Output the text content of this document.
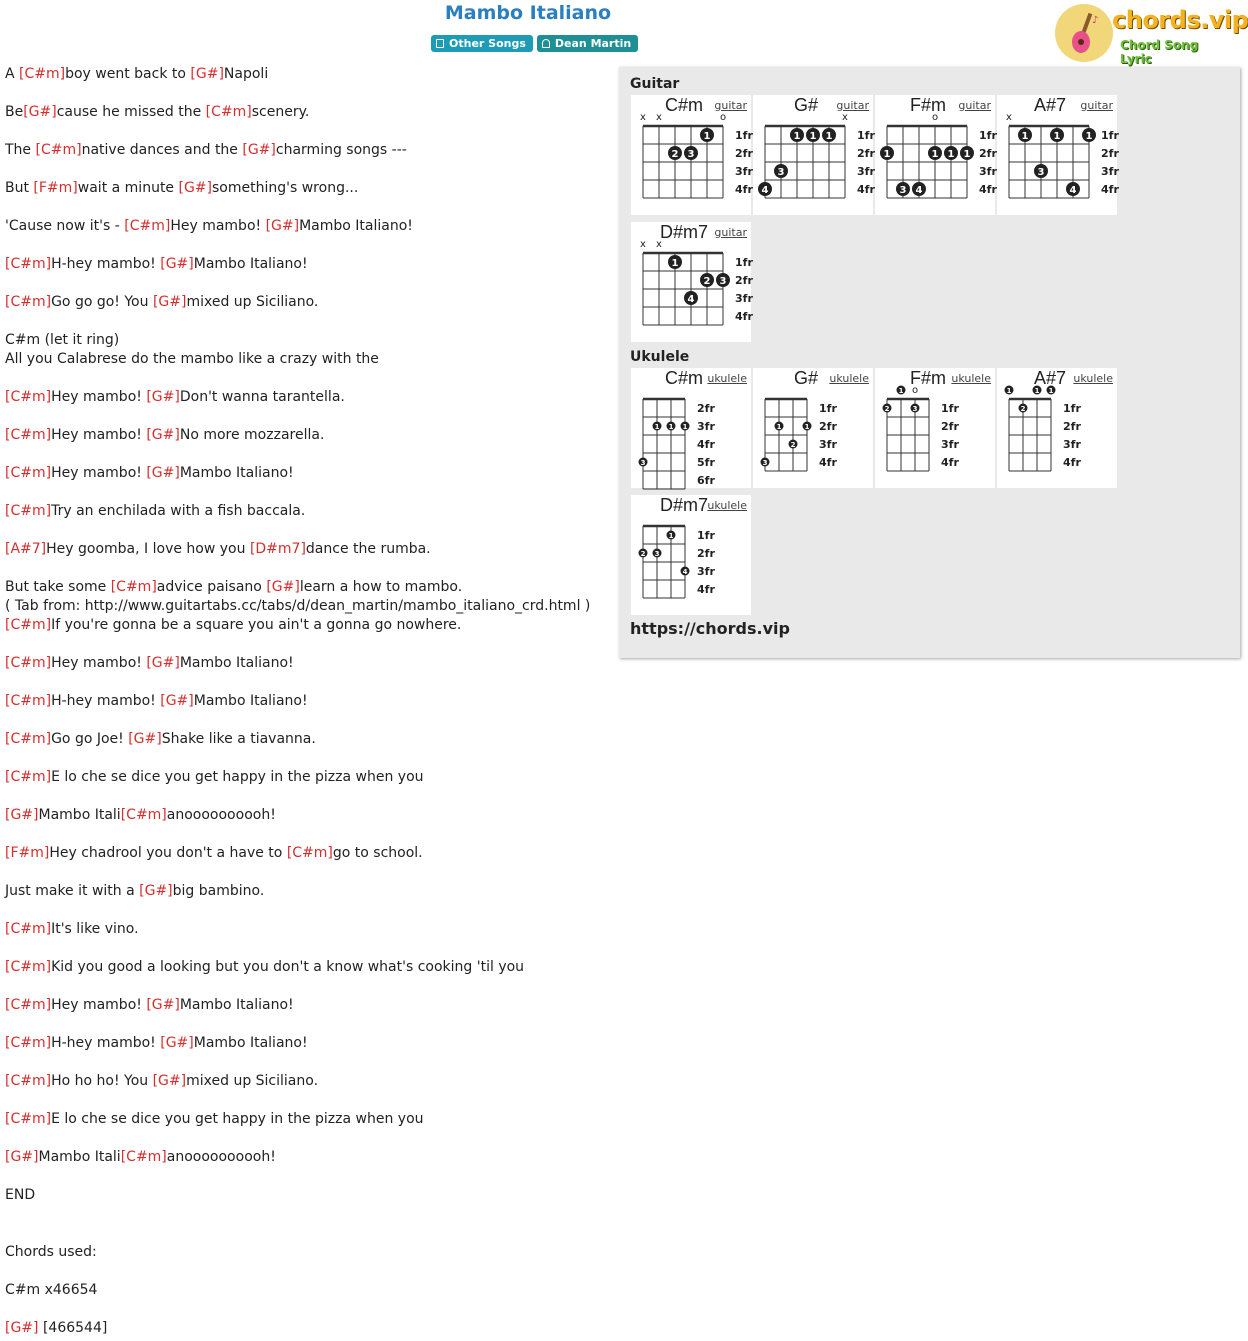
Mambo Italiano
Other Songs	Dean Martin
♪ chords.vip
Chord Song Lyric
A [C#m]boy went back to [G#]Napoli
Be[G#]cause he missed the [C#m]scenery.
The [C#m]native dances and the [G#]charming songs ---
But [F#m]wait a minute [G#]something's wrong...
'Cause now it's - [C#m]Hey mambo! [G#]Mambo Italiano!
[C#m]H-hey mambo! [G#]Mambo Italiano!
[C#m]Go go go! You [G#]mixed up Siciliano.
C#m (let it ring)
All you Calabrese do the mambo like a crazy with the
[C#m]Hey mambo! [G#]Don't wanna tarantella.
[C#m]Hey mambo! [G#]No more mozzarella.
[C#m]Hey mambo! [G#]Mambo Italiano!
[C#m]Try an enchilada with a fish baccala.
[A#7]Hey goomba, I love how you [D#m7]dance the rumba.
But take some [C#m]advice paisano [G#]learn a how to mambo.
( Tab from: http://www.guitartabs.cc/tabs/d/dean_martin/mambo_italiano_crd.html )
[C#m]If you're gonna be a square you ain't a gonna go nowhere.
[C#m]Hey mambo! [G#]Mambo Italiano!
[C#m]H-hey mambo! [G#]Mambo Italiano!
[C#m]Go go Joe! [G#]Shake like a tiavanna.
[C#m]E lo che se dice you get happy in the pizza when you
[G#]Mambo Itali[C#m]anoooooooooh!
[F#m]Hey chadrool you don't a have to [C#m]go to school.
Just make it with a [G#]big bambino.
[C#m]It's like vino.
[C#m]Kid you good a looking but you don't a know what's cooking 'til you
[C#m]Hey mambo! [G#]Mambo Italiano!
[C#m]H-hey mambo! [G#]Mambo Italiano!
[C#m]Ho ho ho! You [G#]mixed up Siciliano.
[C#m]E lo che se dice you get happy in the pizza when you
[G#]Mambo Itali[C#m]anoooooooooh!
END
Chords used:
C#m x46654
[G#] [466544]
Guitar
Ukulele
https://chords.vip
1fr
2fr
3fr
4fr
x x	o
1
2 3
C#m	guitar
1fr
2fr
3fr
4fr
x
1 1 1
3
4
G#	guitar
1fr
2fr
3fr
4fr
o
1	1 1 1
3 4
F#m	guitar
1fr
2fr
3fr
4fr
x
1	1	1
3
4
A#7	guitar
1fr
2fr
3fr
4fr
x x
1
2 3
4
D#m7 guitar
2fr
3fr
4fr
5fr
6fr
1 1 1
3
C#m ukulele
1fr
2fr
3fr
4fr
1	1
2
3
G#	ukulele
1fr
2fr
3fr
4fr
o
1
2	3
F#m ukulele
1fr
2fr
3fr
4fr
1	1 1
2
A#7 ukulele
1fr
2fr
3fr
4fr
1
2 3
4
D#m7 ukulele
